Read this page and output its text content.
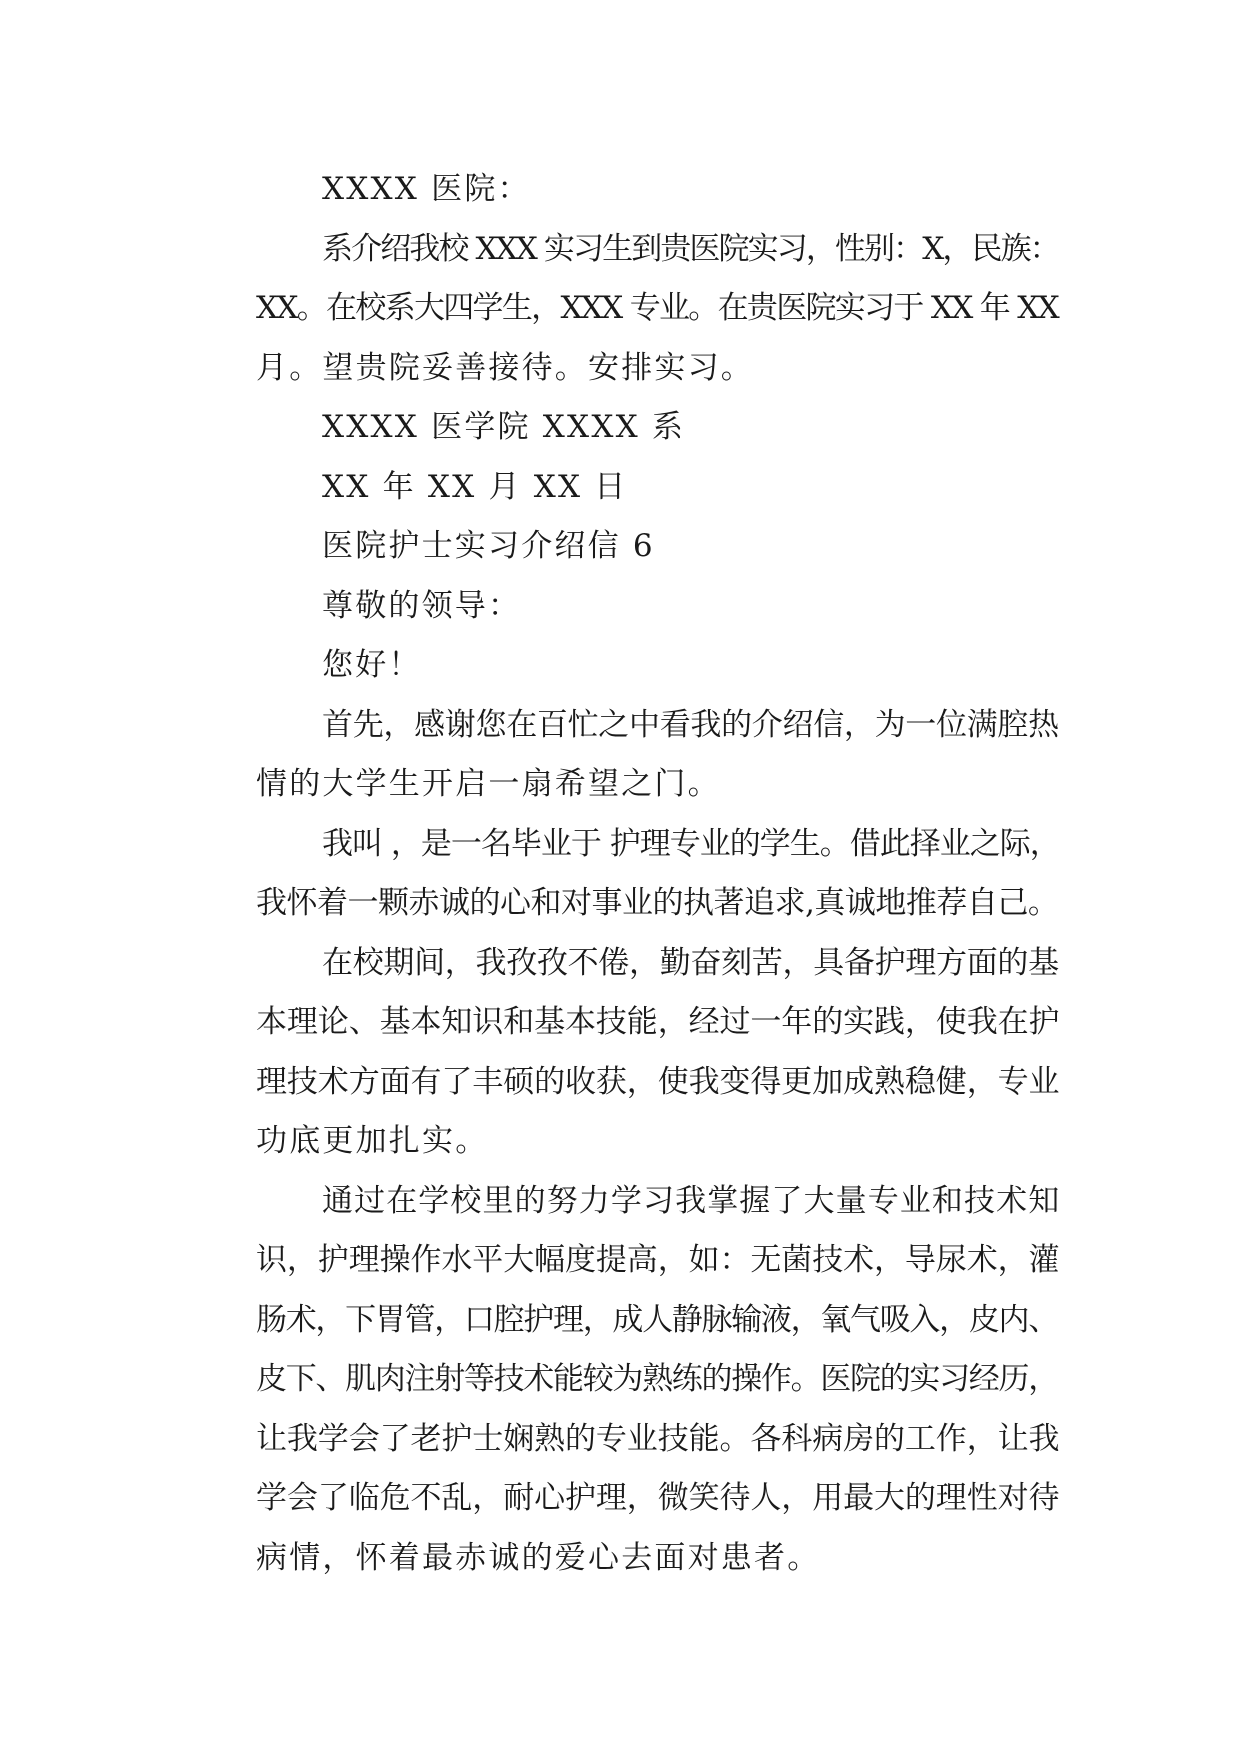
XXXX 医院：
系介绍我校 XXX 实习生到贵医院实习，性别：X，民族：
XX。在校系大四学生，XXX 专业。在贵医院实习于 XX 年 XX
月。望贵院妥善接待。安排实习。
XXXX 医学院 XXXX 系
XX 年 XX 月 XX 日
医院护士实习介绍信 6
尊敬的领导：
您好！
首先，感谢您在百忙之中看我的介绍信，为一位满腔热
情的大学生开启一扇希望之门。
我叫 ，是一名毕业于 护理专业的学生。借此择业之际，
我怀着一颗赤诚的心和对事业的执著追求,真诚地推荐自己。
在校期间，我孜孜不倦，勤奋刻苦，具备护理方面的基
本理论、基本知识和基本技能，经过一年的实践，使我在护
理技术方面有了丰硕的收获，使我变得更加成熟稳健，专业
功底更加扎实。
通过在学校里的努力学习我掌握了大量专业和技术知
识，护理操作水平大幅度提高，如：无菌技术，导尿术，灌
肠术，下胃管，口腔护理，成人静脉输液，氧气吸入，皮内、
皮下、肌肉注射等技术能较为熟练的操作。医院的实习经历，
让我学会了老护士娴熟的专业技能。各科病房的工作，让我
学会了临危不乱，耐心护理，微笑待人，用最大的理性对待
病情，怀着最赤诚的爱心去面对患者。
